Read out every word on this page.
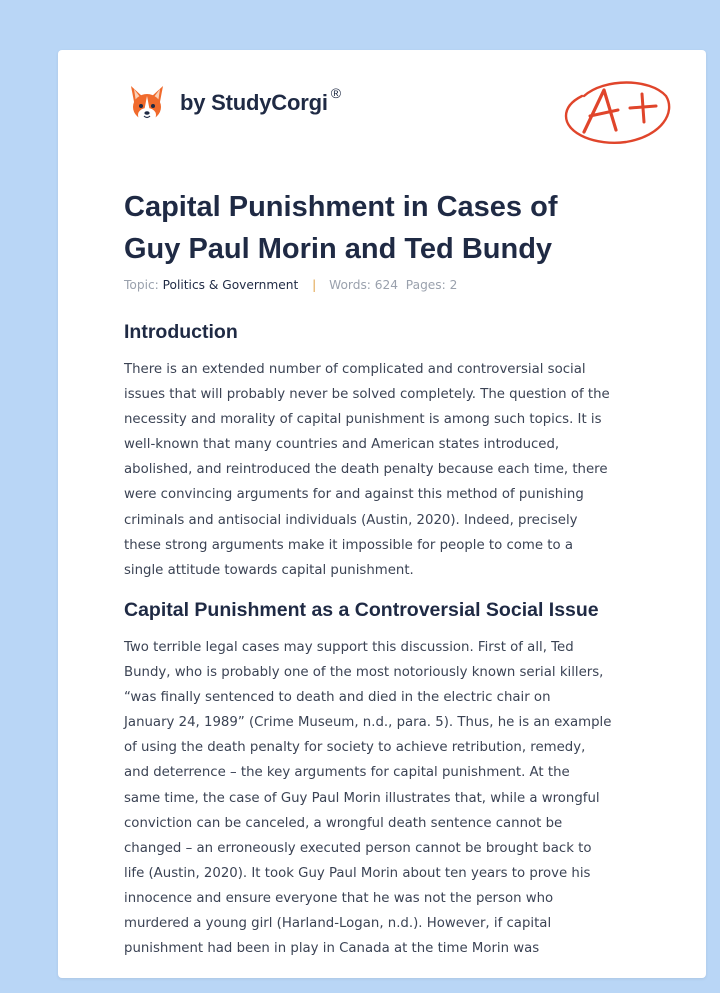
by StudyCorgi ®
Capital Punishment in Cases of
Guy Paul Morin and Ted Bundy
Topic: Politics & Government | Words: 624 Pages: 2
Introduction

There is an extended number of complicated and controversial social
issues that will probably never be solved completely. The question of the
necessity and morality of capital punishment is among such topics. It is
well-known that many countries and American states introduced,
abolished, and reintroduced the death penalty because each time, there
were convincing arguments for and against this method of punishing
criminals and antisocial individuals (Austin, 2020). Indeed, precisely
these strong arguments make it impossible for people to come to a
single attitude towards capital punishment.

Capital Punishment as a Controversial Social Issue

Two terrible legal cases may support this discussion. First of all, Ted
Bundy, who is probably one of the most notoriously known serial killers,
“was finally sentenced to death and died in the electric chair on
January 24, 1989” (Crime Museum, n.d., para. 5). Thus, he is an example
of using the death penalty for society to achieve retribution, remedy,
and deterrence – the key arguments for capital punishment. At the
same time, the case of Guy Paul Morin illustrates that, while a wrongful
conviction can be canceled, a wrongful death sentence cannot be
changed – an erroneously executed person cannot be brought back to
life (Austin, 2020). It took Guy Paul Morin about ten years to prove his
innocence and ensure everyone that he was not the person who
murdered a young girl (Harland-Logan, n.d.). However, if capital
punishment had been in play in Canada at the time Morin was
